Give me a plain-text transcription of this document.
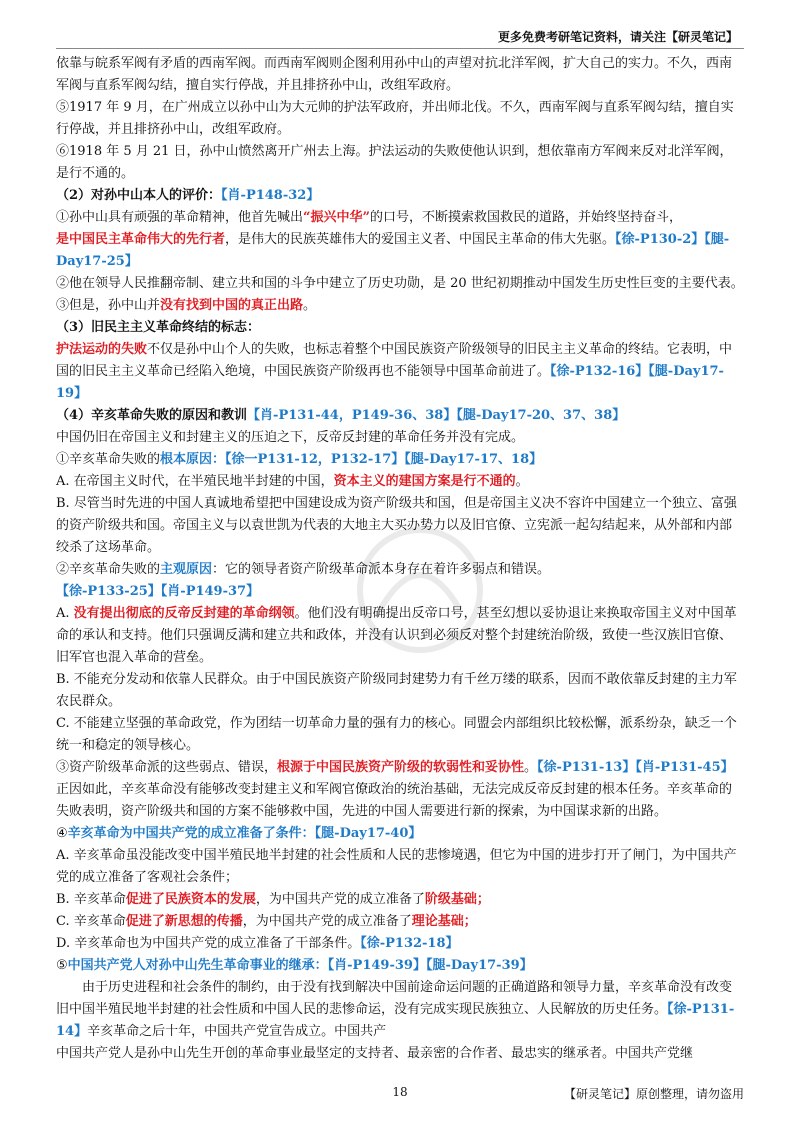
更多免费考研笔记资料，请关注【研灵笔记】

依靠与皖系军阀有矛盾的西南军阀。而西南军阀则企图利用孙中山的声望对抗北洋军阀，扩大自己的实力。不久，西南军阀与直系军阀勾结，擅自实行停战，并且排挤孙中山，改组军政府。

⑤1917 年 9 月，在广州成立以孙中山为大元帅的护法军政府，并出师北伐。不久，西南军阀与直系军阀勾结，擅自实行停战，并且排挤孙中山，改组军政府。

⑥1918 年 5 月 21 日，孙中山愤然离开广州去上海。护法运动的失败使他认识到，想依靠南方军阀来反对北洋军阀，是行不通的。

（2）对孙中山本人的评价：【肖-P148-32】

①孙中山具有顽强的革命精神，他首先喊出“振兴中华”的口号，不断摸索救国救民的道路，并始终坚持奋斗，

是中国民主革命伟大的先行者，是伟大的民族英雄伟大的爱国主义者、中国民主革命的伟大先驱。【徐-P130-2】【腿-Day17-25】

②他在领导人民推翻帝制、建立共和国的斗争中建立了历史功勋，是 20 世纪初期推动中国发生历史性巨变的主要代表。

③但是，孙中山并没有找到中国的真正出路。

（3）旧民主主义革命终结的标志：

护法运动的失败不仅是孙中山个人的失败，也标志着整个中国民族资产阶级领导的旧民主主义革命的终结。它表明，中国的旧民主主义革命已经陷入绝境，中国民族资产阶级再也不能领导中国革命前进了。【徐-P132-16】【腿-Day17-19】

（4）辛亥革命失败的原因和教训【肖-P131-44，P149-36、38】【腿-Day17-20、37、38】

中国仍旧在帝国主义和封建主义的压迫之下，反帝反封建的革命任务并没有完成。

①辛亥革命失败的根本原因：【徐一P131-12，P132-17】【腿-Day17-17、18】

A. 在帝国主义时代，在半殖民地半封建的中国，资本主义的建国方案是行不通的。

B. 尽管当时先进的中国人真诚地希望把中国建设成为资产阶级共和国，但是帝国主义决不容许中国建立一个独立、富强的资产阶级共和国。帝国主义与以袁世凯为代表的大地主大买办势力以及旧官僚、立宪派一起勾结起来，从外部和内部绞杀了这场革命。

②辛亥革命失败的主观原因：它的领导者资产阶级革命派本身存在着许多弱点和错误。【徐-P133-25】【肖-P149-37】

A. 没有提出彻底的反帝反封建的革命纲领。他们没有明确提出反帝口号，甚至幻想以妥协退让来换取帝国主义对中国革命的承认和支持。他们只强调反满和建立共和政体，并没有认识到必须反对整个封建统治阶级，致使一些汉族旧官僚、旧军官也混入革命的营垒。

B. 不能充分发动和依靠人民群众。由于中国民族资产阶级同封建势力有千丝万缕的联系，因而不敢依靠反封建的主力军农民群众。

C. 不能建立坚强的革命政党，作为团结一切革命力量的强有力的核心。同盟会内部组织比较松懈，派系纷杂，缺乏一个统一和稳定的领导核心。

③资产阶级革命派的这些弱点、错误，根源于中国民族资产阶级的软弱性和妥协性。【徐-P131-13】【肖-P131-45】

正因如此，辛亥革命没有能够改变封建主义和军阀官僚政治的统治基础，无法完成反帝反封建的根本任务。辛亥革命的失败表明，资产阶级共和国的方案不能够救中国，先进的中国人需要进行新的探索，为中国谋求新的出路。

④辛亥革命为中国共产党的成立准备了条件：【腿-Day17-40】

A. 辛亥革命虽没能改变中国半殖民地半封建的社会性质和人民的悲惨境遇，但它为中国的进步打开了闸门，为中国共产党的成立准备了客观社会条件；

B. 辛亥革命促进了民族资本的发展，为中国共产党的成立准备了阶级基础；

C. 辛亥革命促进了新思想的传播，为中国共产党的成立准备了理论基础；

D. 辛亥革命也为中国共产党的成立准备了干部条件。【徐-P132-18】

⑤中国共产党人对孙中山先生革命事业的继承：【肖-P149-39】【腿-Day17-39】

由于历史进程和社会条件的制约，由于没有找到解决中国前途命运问题的正确道路和领导力量，辛亥革命没有改变旧中国半殖民地半封建的社会性质和中国人民的悲惨命运，没有完成实现民族独立、人民解放的历史任务。【徐-P131-14】辛亥革命之后十年，中国共产党宣告成立。中国共产

中国共产党人是孙中山先生开创的革命事业最坚定的支持者、最亲密的合作者、最忠实的继承者。中国共产党继

18	【研灵笔记】原创整理，请勿盗用
